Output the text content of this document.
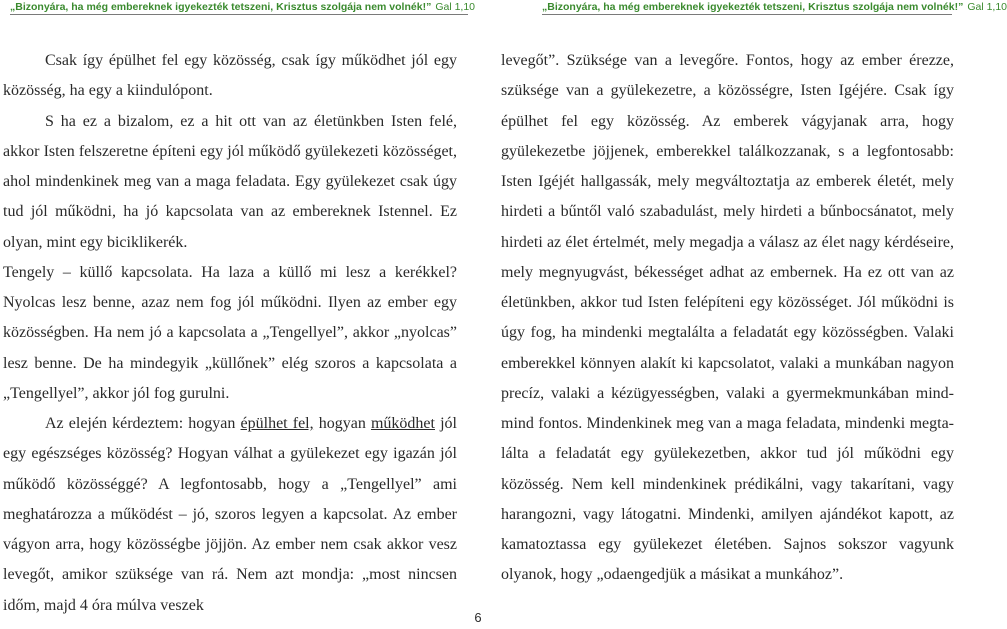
„Bizonyára, ha még embereknek igyekezték tetszeni, Krisztus szolgája nem volnék!” Gal 1,10	„Bizonyára, ha még embereknek igyekezték tetszeni, Krisztus szolgája nem volnék!” Gal 1,10

Csak így épülhet fel egy közösség, csak így működhet jól egy közösség, ha egy a kiindulópont.

S ha ez a bizalom, ez a hit ott van az életünkben Isten felé, akkor Isten felszeretne építeni egy jól működő gyülekezeti közösséget, ahol mindenkinek meg van a maga feladata. Egy gyülekezet csak úgy tud jól működni, ha jó kapcsolata van az embereknek Istennel. Ez olyan, mint egy biciklikerék.

Tengely – küllő kapcsolata. Ha laza a küllő mi lesz a kerékkel? Nyolcas lesz benne, azaz nem fog jól működni. Ilyen az ember egy közösségben. Ha nem jó a kapcsolata a „Tengellyel”, akkor „nyolcas” lesz benne. De ha mindegyik „küllőnek” elég szoros a kapcsolata a „Tengellyel”, akkor jól fog gurulni.

Az elején kérdeztem: hogyan épülhet fel, hogyan működhet jól egy egészséges közösség? Hogyan válhat a gyülekezet egy igazán jól működő közösséggé? A legfontosabb, hogy a „Tengellyel” ami meghatározza a működést – jó, szoros legyen a kapcsolat. Az ember vágyon arra, hogy közösségbe jöjjön. Az ember nem csak akkor vesz levegőt, amikor szüksége van rá. Nem azt mondja: „most nincsen időm, majd 4 óra múlva veszek

levegőt”. Szüksége van a levegőre. Fontos, hogy az ember érezze, szüksége van a gyülekezetre, a közösségre, Isten Igéjére. Csak így épülhet fel egy közösség. Az emberek vágyjanak arra, hogy gyülekezetbe jöjjenek, emberekkel találkozzanak, s a legfontosabb: Isten Igéjét hallgassák, mely megváltoztatja az emberek életét, mely hirdeti a bűntől való szabadulást, mely hirdeti a bűnbocsánatot, mely hirdeti az élet értelmét, mely megadja a válasz az élet nagy kérdéseire, mely megnyugvást, békességet adhat az embernek. Ha ez ott van az életünkben, akkor tud Isten felépíteni egy közösséget. Jól működni is úgy fog, ha mindenki megtalálta a feladatát egy közösségben. Valaki emberekkel könnyen alakít ki kapcsolatot, valaki a munkában nagyon precíz, valaki a kézügyességben, valaki a gyermekmunkában mind-mind fontos. Mindenkinek meg van a maga feladata, mindenki megtalálta a feladatát egy gyülekezetben, akkor tud jól működni egy közösség. Nem kell mindenkinek prédikálni, vagy takarítani, vagy harangozni, vagy látogatni. Mindenki, amilyen ajándékot kapott, az kamatoztassa egy gyülekezet életében. Sajnos sokszor vagyunk olyanok, hogy „odaengedjük a másikat a munkához”.

6
